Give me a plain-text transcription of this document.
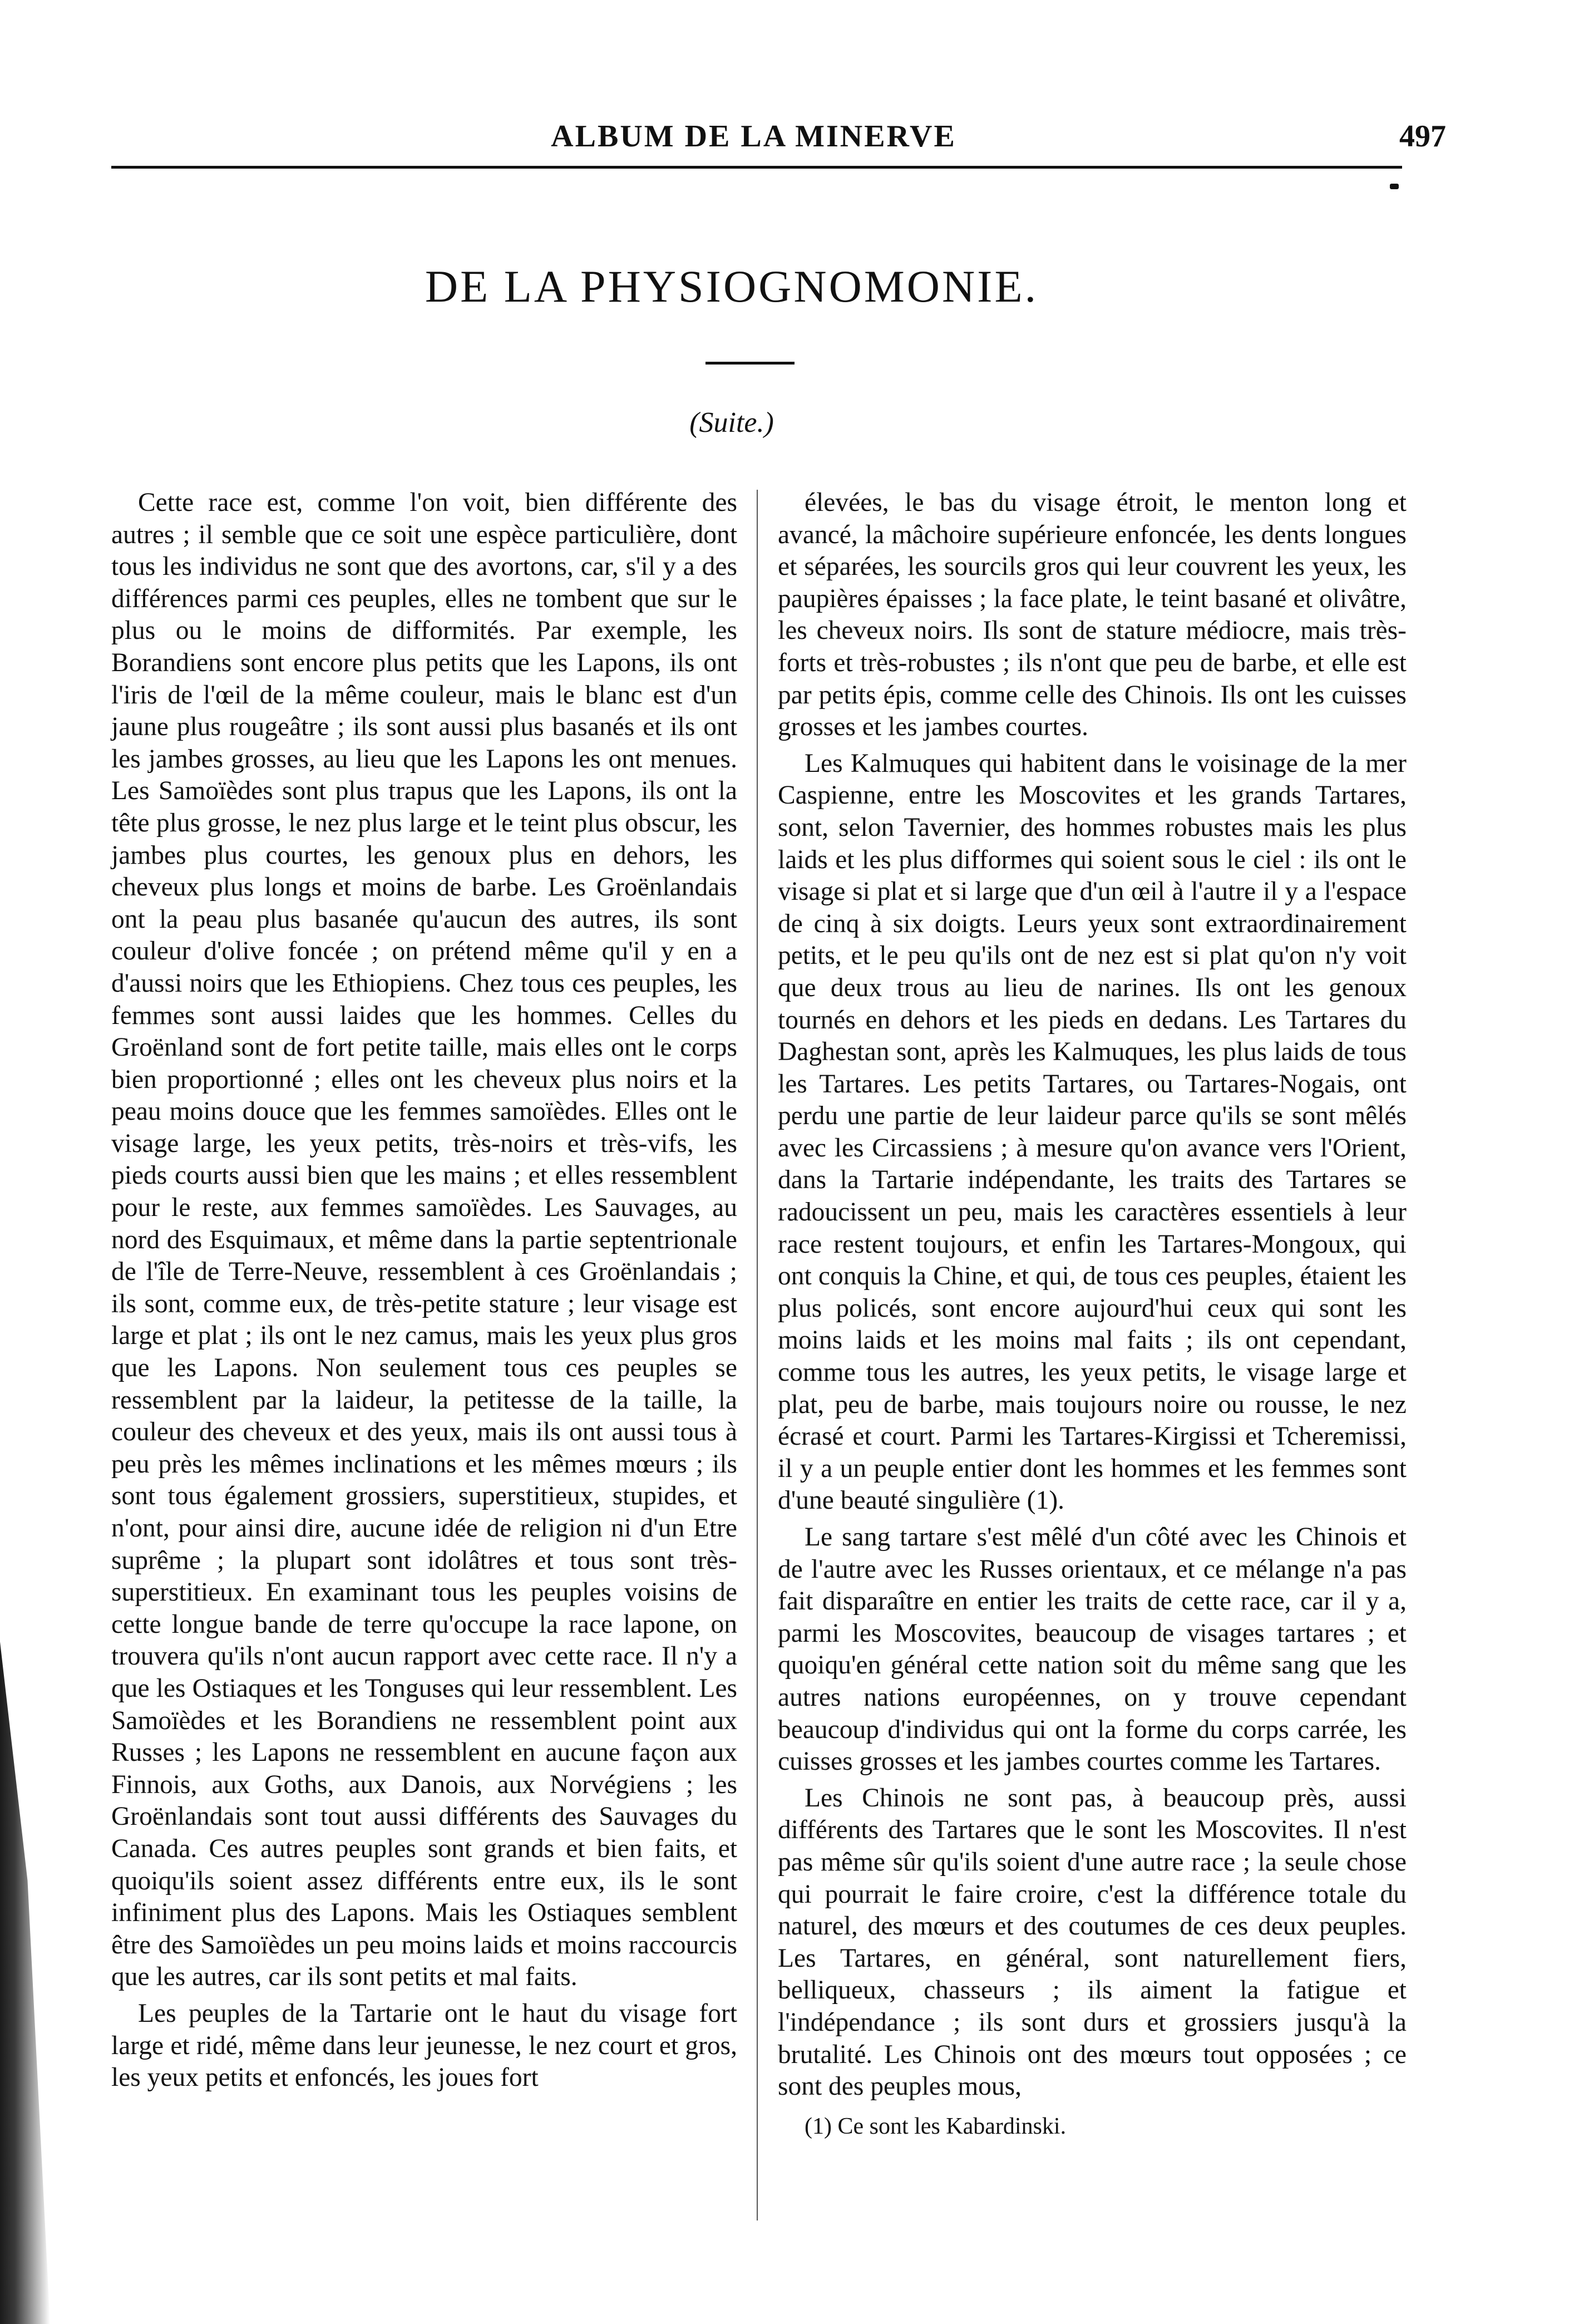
ALBUM DE LA MINERVE	497
DE LA PHYSIOGNOMONIE.
(Suite.)

Cette race est, comme l'on voit, bien différente des autres ; il semble que ce soit une espèce particulière, dont tous les individus ne sont que des avortons, car, s'il y a des différences parmi ces peuples, elles ne tombent que sur le plus ou le moins de difformités. Par exemple, les Borandiens sont encore plus petits que les Lapons, ils ont l'iris de l'œil de la même couleur, mais le blanc est d'un jaune plus rougeâtre ; ils sont aussi plus basanés et ils ont les jambes grosses, au lieu que les Lapons les ont menues. Les Samoïèdes sont plus trapus que les Lapons, ils ont la tête plus grosse, le nez plus large et le teint plus obscur, les jambes plus courtes, les genoux plus en dehors, les cheveux plus longs et moins de barbe. Les Groënlandais ont la peau plus basanée qu'aucun des autres, ils sont couleur d'olive foncée ; on prétend même qu'il y en a d'aussi noirs que les Ethiopiens. Chez tous ces peuples, les femmes sont aussi laides que les hommes. Celles du Groënland sont de fort petite taille, mais elles ont le corps bien proportionné ; elles ont les cheveux plus noirs et la peau moins douce que les femmes samoïèdes. Elles ont le visage large, les yeux petits, très-noirs et très-vifs, les pieds courts aussi bien que les mains ; et elles ressemblent pour le reste, aux femmes samoïèdes. Les Sauvages, au nord des Esquimaux, et même dans la partie septentrionale de l'île de Terre-Neuve, ressemblent à ces Groënlandais ; ils sont, comme eux, de très-petite stature ; leur visage est large et plat ; ils ont le nez camus, mais les yeux plus gros que les Lapons. Non seulement tous ces peuples se ressemblent par la laideur, la petitesse de la taille, la couleur des cheveux et des yeux, mais ils ont aussi tous à peu près les mêmes inclinations et les mêmes mœurs ; ils sont tous également grossiers, superstitieux, stupides, et n'ont, pour ainsi dire, aucune idée de religion ni d'un Etre suprême ; la plupart sont idolâtres et tous sont très-superstitieux. En examinant tous les peuples voisins de cette longue bande de terre qu'occupe la race lapone, on trouvera qu'ils n'ont aucun rapport avec cette race. Il n'y a que les Ostiaques et les Tonguses qui leur ressemblent. Les Samoïèdes et les Borandiens ne ressemblent point aux Russes ; les Lapons ne ressemblent en aucune façon aux Finnois, aux Goths, aux Danois, aux Norvégiens ; les Groënlandais sont tout aussi différents des Sauvages du Canada. Ces autres peuples sont grands et bien faits, et quoiqu'ils soient assez différents entre eux, ils le sont infiniment plus des Lapons. Mais les Ostiaques semblent être des Samoïèdes un peu moins laids et moins raccourcis que les autres, car ils sont petits et mal faits.

Les peuples de la Tartarie ont le haut du visage fort large et ridé, même dans leur jeunesse, le nez court et gros, les yeux petits et enfoncés, les joues fort

élevées, le bas du visage étroit, le menton long et avancé, la mâchoire supérieure enfoncée, les dents longues et séparées, les sourcils gros qui leur couvrent les yeux, les paupières épaisses ; la face plate, le teint basané et olivâtre, les cheveux noirs. Ils sont de stature médiocre, mais très-forts et très-robustes ; ils n'ont que peu de barbe, et elle est par petits épis, comme celle des Chinois. Ils ont les cuisses grosses et les jambes courtes.

Les Kalmuques qui habitent dans le voisinage de la mer Caspienne, entre les Moscovites et les grands Tartares, sont, selon Tavernier, des hommes robustes mais les plus laids et les plus difformes qui soient sous le ciel : ils ont le visage si plat et si large que d'un œil à l'autre il y a l'espace de cinq à six doigts. Leurs yeux sont extraordinairement petits, et le peu qu'ils ont de nez est si plat qu'on n'y voit que deux trous au lieu de narines. Ils ont les genoux tournés en dehors et les pieds en dedans. Les Tartares du Daghestan sont, après les Kalmuques, les plus laids de tous les Tartares. Les petits Tartares, ou Tartares-Nogais, ont perdu une partie de leur laideur parce qu'ils se sont mêlés avec les Circassiens ; à mesure qu'on avance vers l'Orient, dans la Tartarie indépendante, les traits des Tartares se radoucissent un peu, mais les caractères essentiels à leur race restent toujours, et enfin les Tartares-Mongoux, qui ont conquis la Chine, et qui, de tous ces peuples, étaient les plus policés, sont encore aujourd'hui ceux qui sont les moins laids et les moins mal faits ; ils ont cependant, comme tous les autres, les yeux petits, le visage large et plat, peu de barbe, mais toujours noire ou rousse, le nez écrasé et court. Parmi les Tartares-Kirgissi et Tcheremissi, il y a un peuple entier dont les hommes et les femmes sont d'une beauté singulière (1).

Le sang tartare s'est mêlé d'un côté avec les Chinois et de l'autre avec les Russes orientaux, et ce mélange n'a pas fait disparaître en entier les traits de cette race, car il y a, parmi les Moscovites, beaucoup de visages tartares ; et quoiqu'en général cette nation soit du même sang que les autres nations européennes, on y trouve cependant beaucoup d'individus qui ont la forme du corps carrée, les cuisses grosses et les jambes courtes comme les Tartares.

Les Chinois ne sont pas, à beaucoup près, aussi différents des Tartares que le sont les Moscovites. Il n'est pas même sûr qu'ils soient d'une autre race ; la seule chose qui pourrait le faire croire, c'est la différence totale du naturel, des mœurs et des coutumes de ces deux peuples. Les Tartares, en général, sont naturellement fiers, belliqueux, chasseurs ; ils aiment la fatigue et l'indépendance ; ils sont durs et grossiers jusqu'à la brutalité. Les Chinois ont des mœurs tout opposées ; ce sont des peuples mous,

(1) Ce sont les Kabardinski.
